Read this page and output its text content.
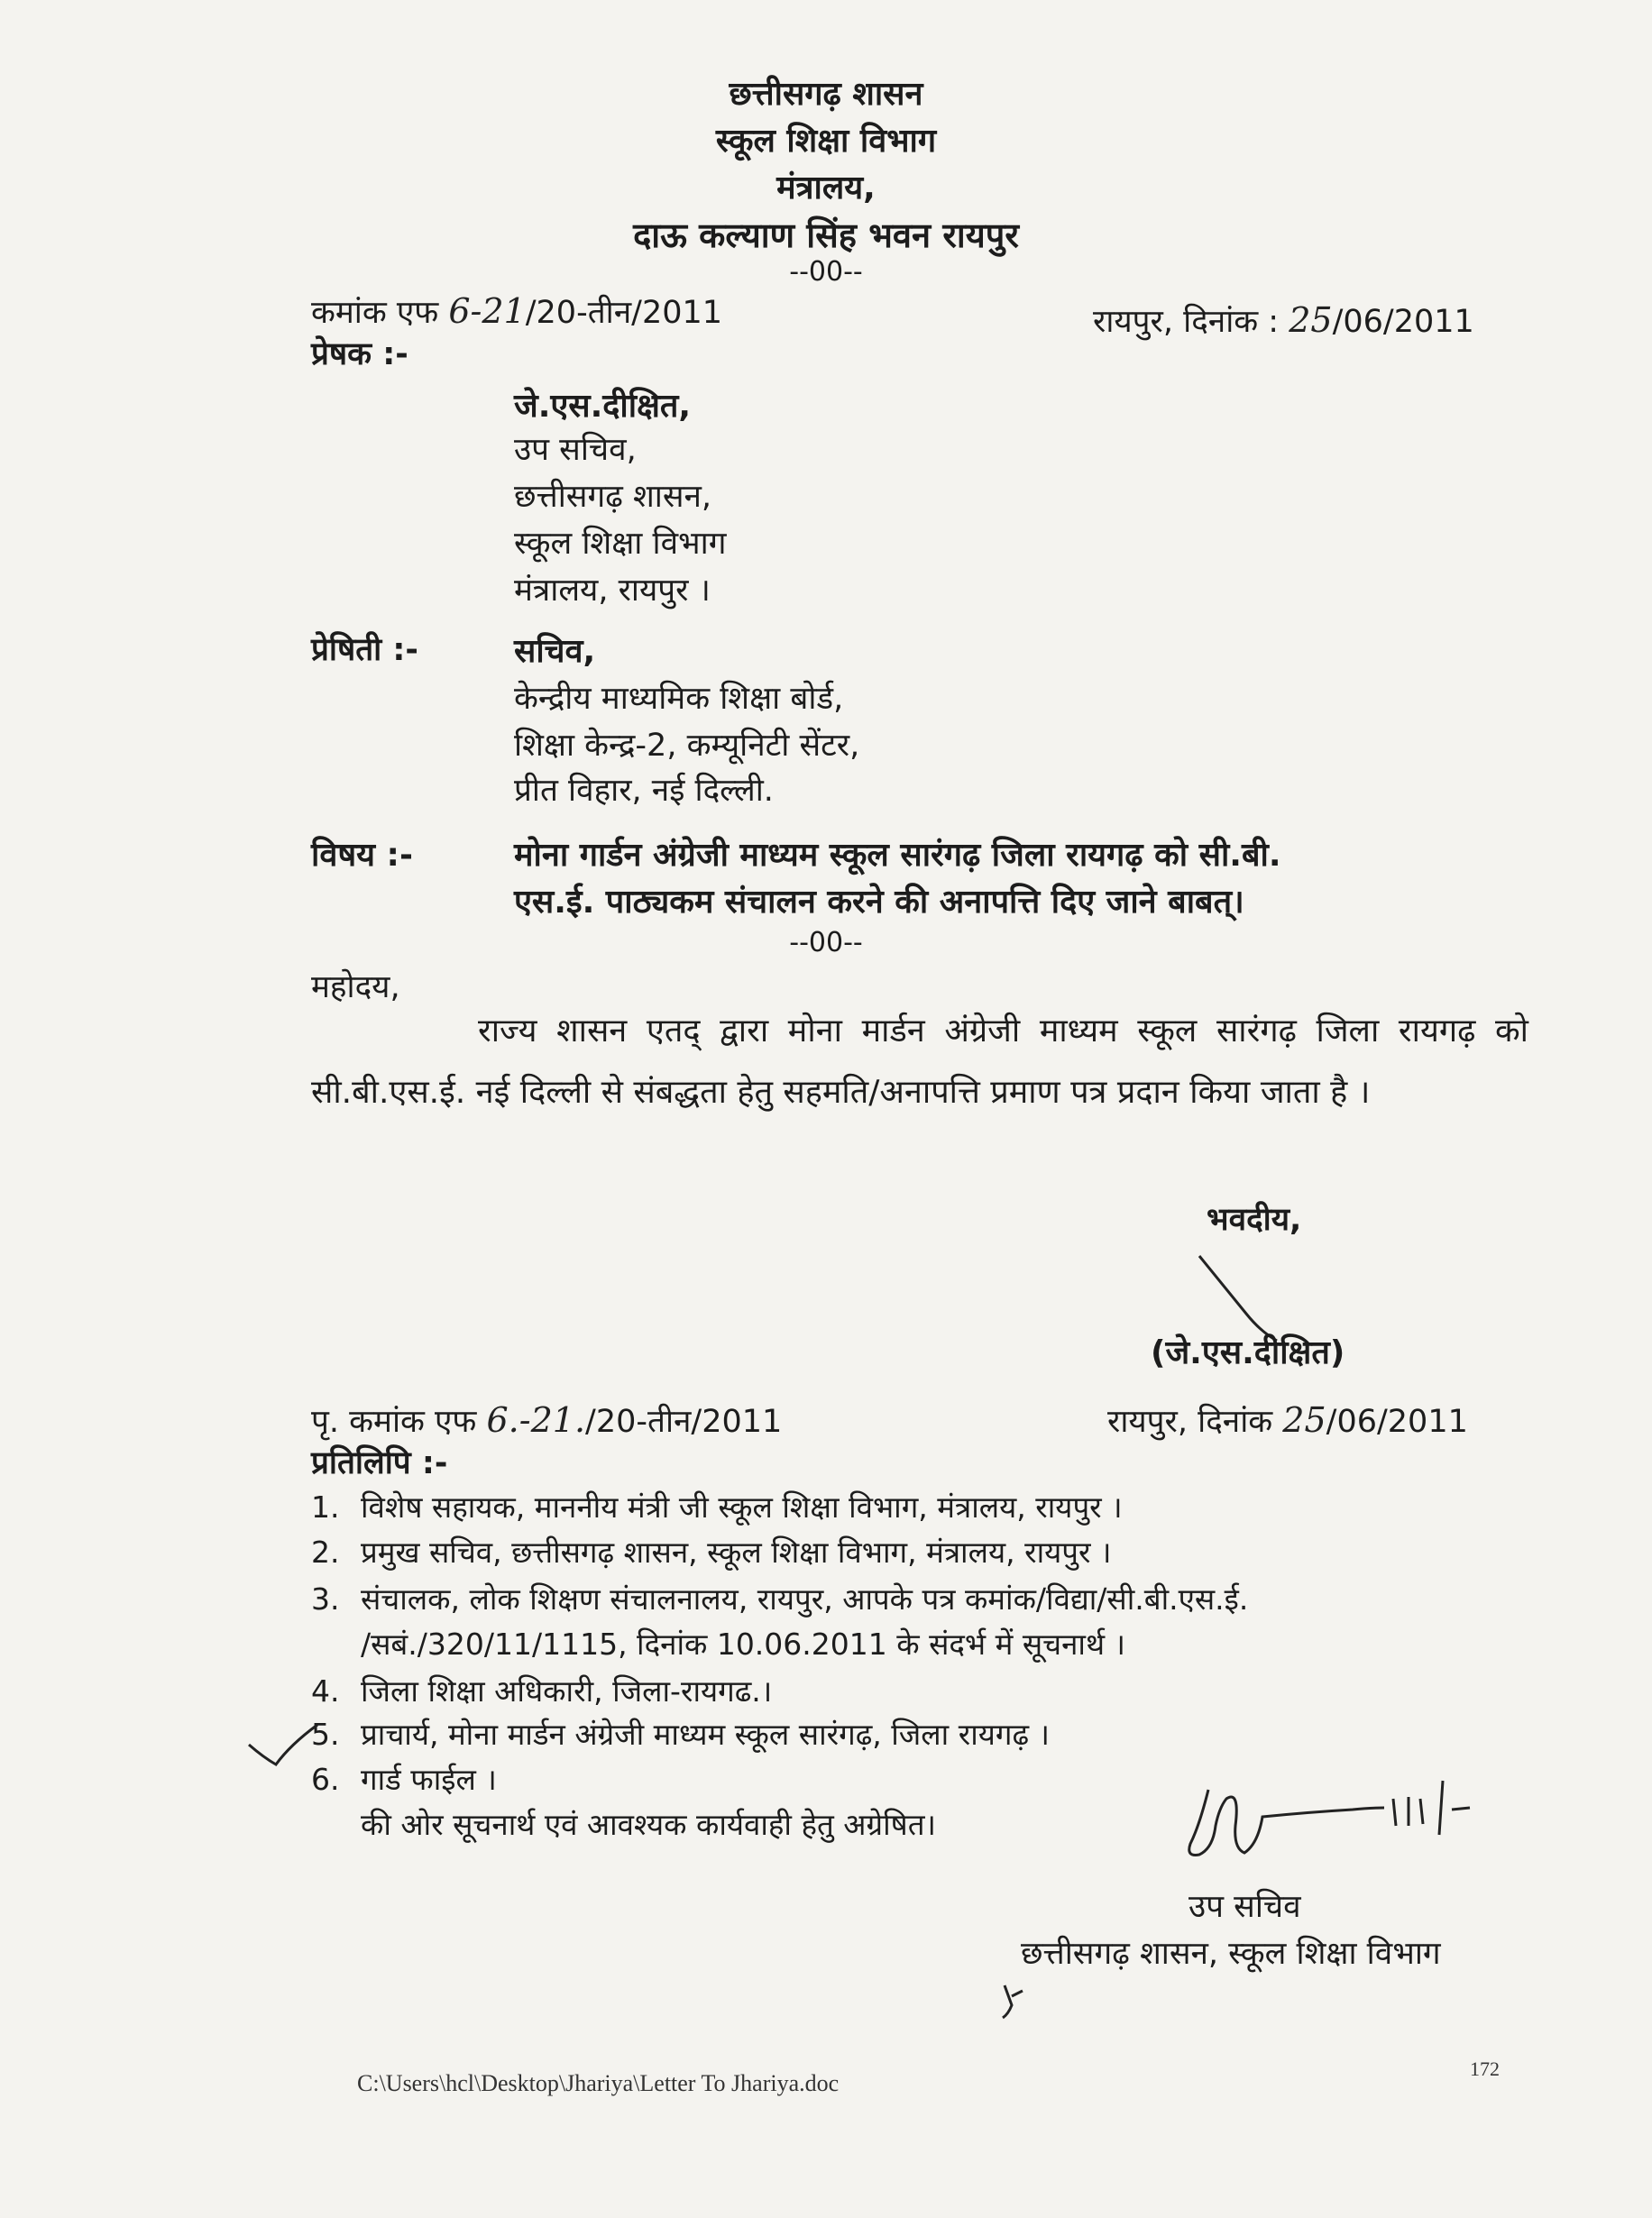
छत्तीसगढ़ शासन
स्कूल शिक्षा विभाग
मंत्रालय,
दाऊ कल्याण सिंह भवन रायपुर
--00--
कमांक एफ 6-21/20-तीन/2011	रायपुर, दिनांक : 25/06/2011
प्रेषक :-
जे.एस.दीक्षित,
उप सचिव,
छत्तीसगढ़ शासन,
स्कूल शिक्षा विभाग
मंत्रालय, रायपुर ।
प्रेषिती :-	सचिव,
केन्द्रीय माध्यमिक शिक्षा बोर्ड,
शिक्षा केन्द्र-2, कम्यूनिटी सेंटर,
प्रीत विहार, नई दिल्ली.
विषय :-	मोना गार्डन अंग्रेजी माध्यम स्कूल सारंगढ़ जिला रायगढ़ को सी.बी.
एस.ई. पाठ्यकम संचालन करने की अनापत्ति दिए जाने बाबत्।
--00--
महोदय,
राज्य शासन एतद् द्वारा मोना मार्डन अंग्रेजी माध्यम स्कूल सारंगढ़ जिला रायगढ़ को सी.बी.एस.ई. नई दिल्ली से संबद्धता हेतु सहमति/अनापत्ति प्रमाण पत्र प्रदान किया जाता है ।
भवदीय,
(जे.एस.दीक्षित)
पृ. कमांक एफ 6.-21./20-तीन/2011	रायपुर, दिनांक 25/06/2011
प्रतिलिपि :-
1. विशेष सहायक, माननीय मंत्री जी स्कूल शिक्षा विभाग, मंत्रालय, रायपुर ।
2. प्रमुख सचिव, छत्तीसगढ़ शासन, स्कूल शिक्षा विभाग, मंत्रालय, रायपुर ।
3. संचालक, लोक शिक्षण संचालनालय, रायपुर, आपके पत्र कमांक/विद्या/सी.बी.एस.ई.
/सबं./320/11/1115, दिनांक 10.06.2011 के संदर्भ में सूचनार्थ ।
4. जिला शिक्षा अधिकारी, जिला-रायगढ.।
5. प्राचार्य, मोना मार्डन अंग्रेजी माध्यम स्कूल सारंगढ़, जिला रायगढ़ ।
6. गार्ड फाईल ।
की ओर सूचनार्थ एवं आवश्यक कार्यवाही हेतु अग्रेषित।
उप सचिव
छत्तीसगढ़ शासन, स्कूल शिक्षा विभाग
C:\Users\hcl\Desktop\Jhariya\Letter To Jhariya.doc
172
